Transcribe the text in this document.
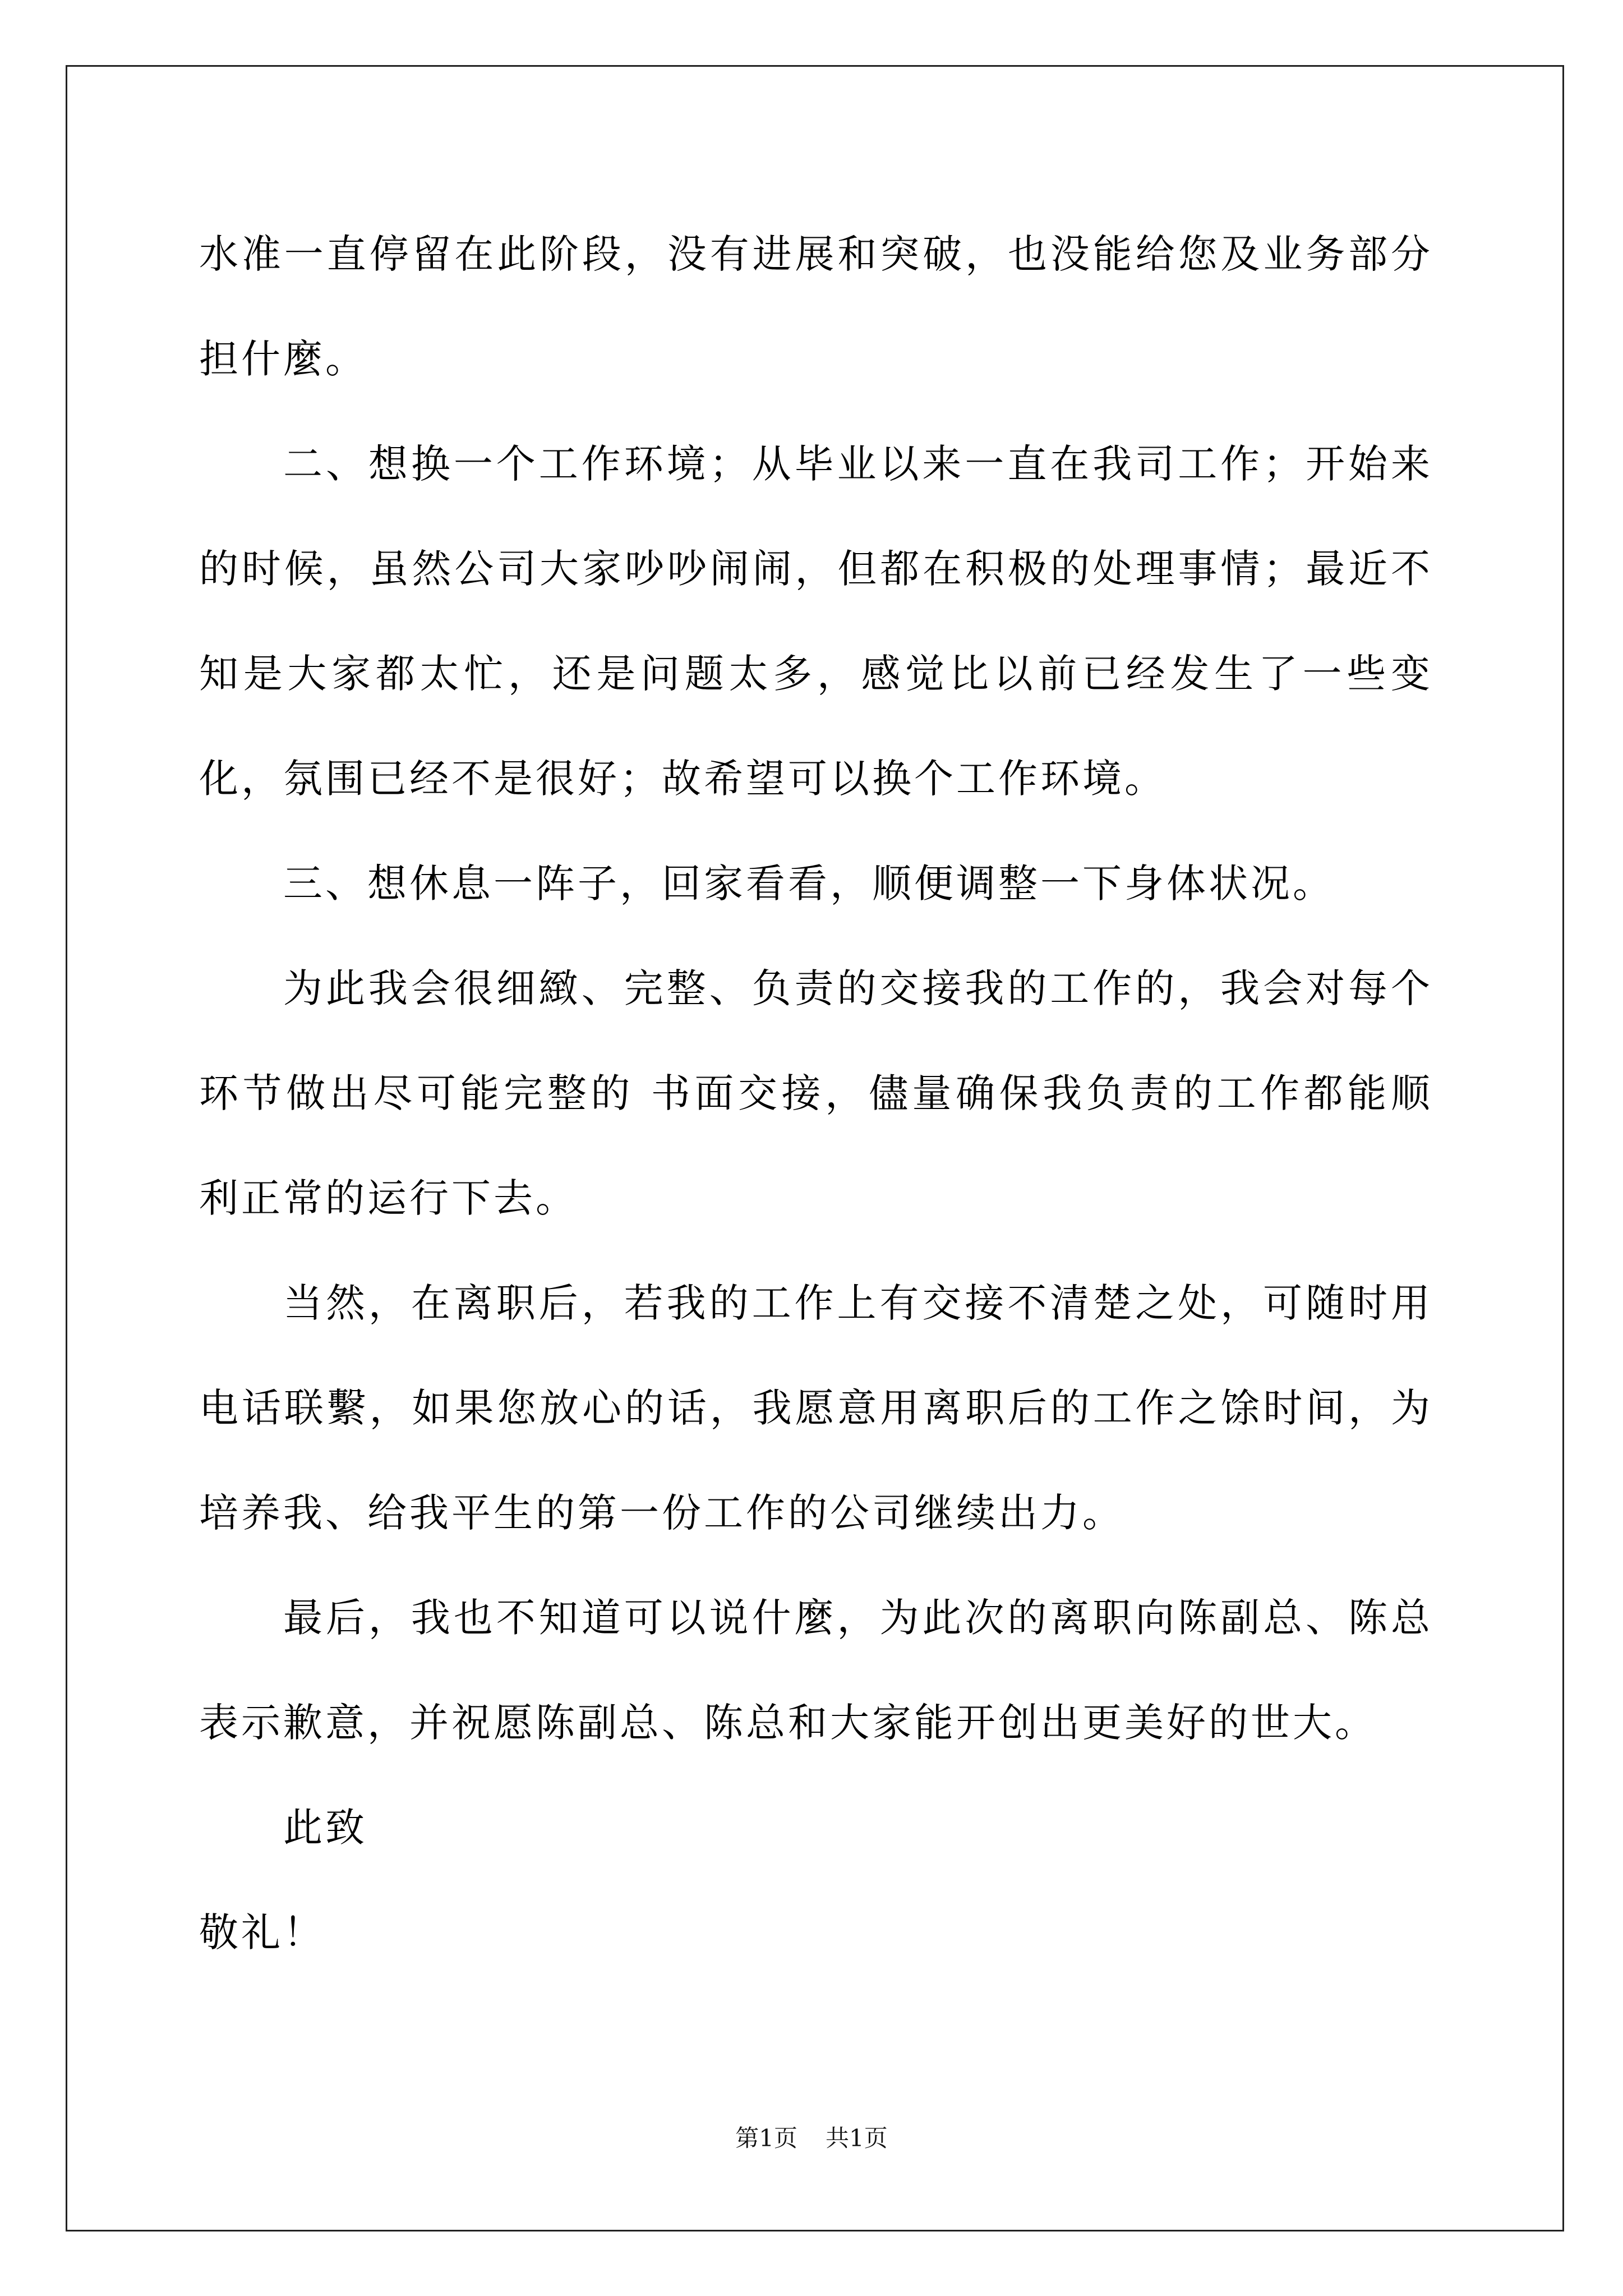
水准一直停留在此阶段，没有进展和突破，也没能给您及业务部分担什麼。

二、想换一个工作环境；从毕业以来一直在我司工作；开始来的时候，虽然公司大家吵吵闹闹，但都在积极的处理事情；最近不知是大家都太忙，还是问题太多，感觉比以前已经发生了一些变化，氛围已经不是很好；故希望可以换个工作环境。

三、想休息一阵子，回家看看，顺便调整一下身体状况。

为此我会很细緻、完整、负责的交接我的工作的，我会对每个环节做出尽可能完整的 书面交接，儘量确保我负责的工作都能顺利正常的运行下去。

当然，在离职后，若我的工作上有交接不清楚之处，可随时用电话联繫，如果您放心的话，我愿意用离职后的工作之馀时间，为培养我、给我平生的第一份工作的公司继续出力。

最后，我也不知道可以说什麼，为此次的离职向陈副总、陈总表示歉意，并祝愿陈副总、陈总和大家能开创出更美好的世大。

此致

敬礼！

第1页 共1页
